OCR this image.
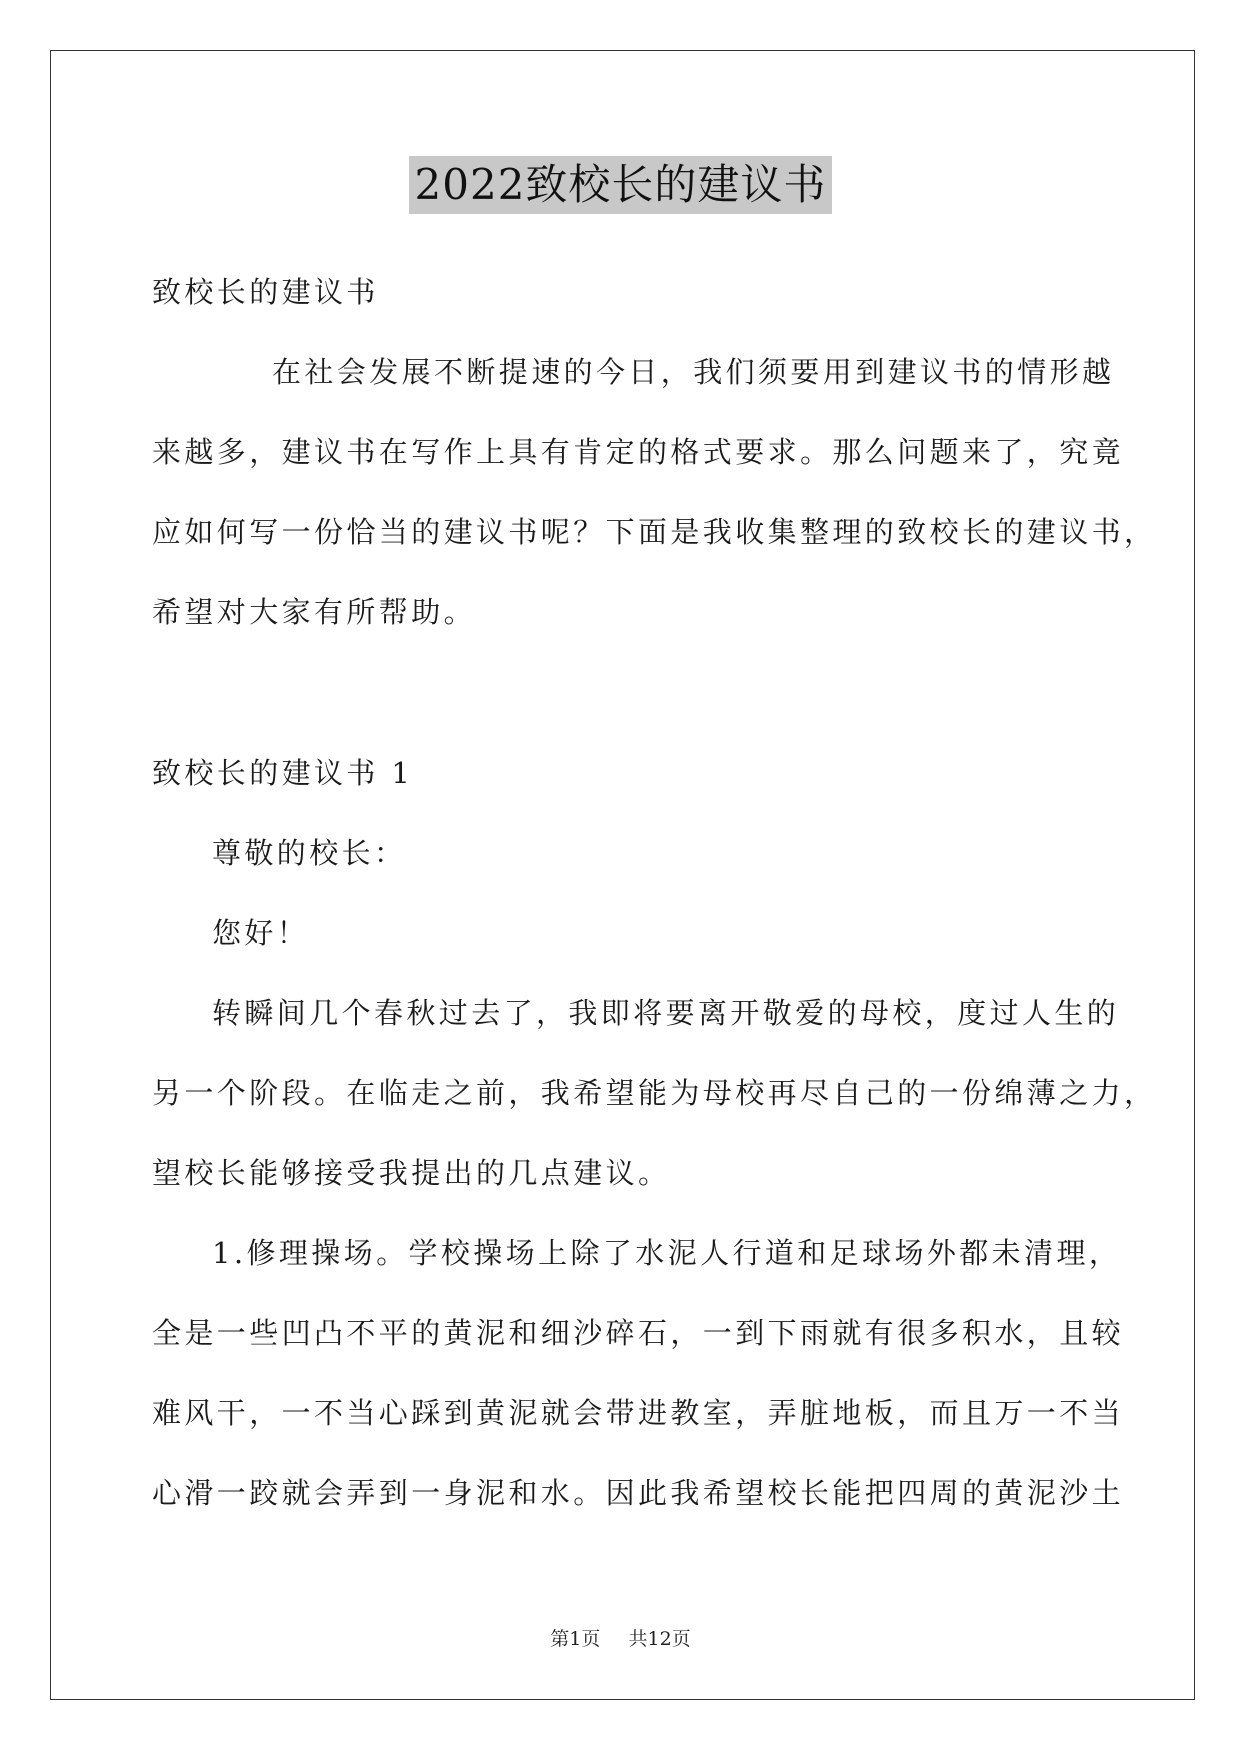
2022致校长的建议书
致校长的建议书
在社会发展不断提速的今日，我们须要用到建议书的情形越
来越多，建议书在写作上具有肯定的格式要求。那么问题来了，究竟
应如何写一份恰当的建议书呢？下面是我收集整理的致校长的建议书，
希望对大家有所帮助。
致校长的建议书 1
尊敬的校长：
您好！
转瞬间几个春秋过去了，我即将要离开敬爱的母校，度过人生的
另一个阶段。在临走之前，我希望能为母校再尽自己的一份绵薄之力，
望校长能够接受我提出的几点建议。
1.修理操场。学校操场上除了水泥人行道和足球场外都未清理，
全是一些凹凸不平的黄泥和细沙碎石，一到下雨就有很多积水，且较
难风干，一不当心踩到黄泥就会带进教室，弄脏地板，而且万一不当
心滑一跤就会弄到一身泥和水。因此我希望校长能把四周的黄泥沙土
第1页 共12页
